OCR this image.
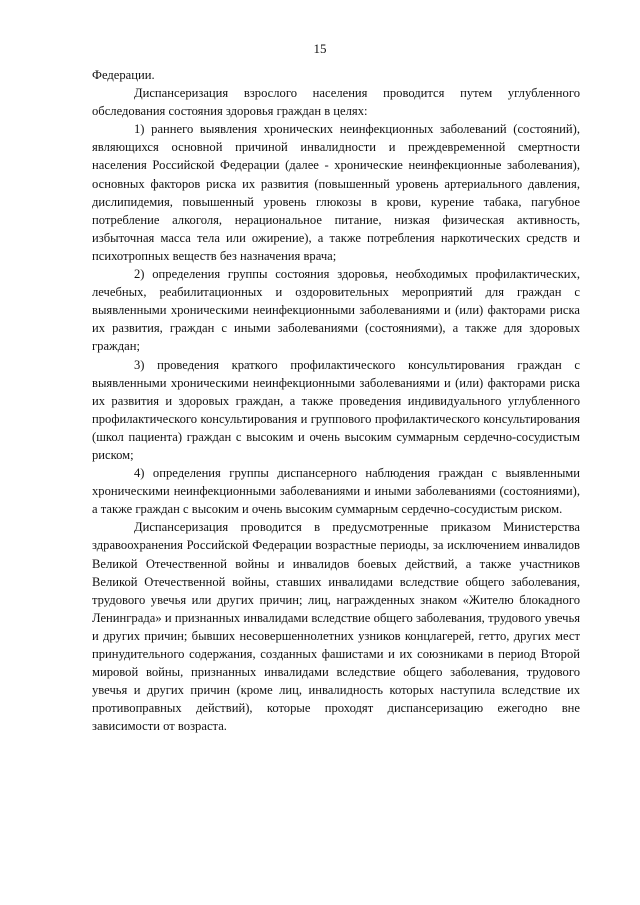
15

Федерации.

Диспансеризация взрослого населения проводится путем углубленного обследования состояния здоровья граждан в целях:

1) раннего выявления хронических неинфекционных заболеваний (состояний), являющихся основной причиной инвалидности и преждевременной смертности населения Российской Федерации (далее - хронические неинфекционные заболевания), основных факторов риска их развития (повышенный уровень артериального давления, дислипидемия, повышенный уровень глюкозы в крови, курение табака, пагубное потребление алкоголя, нерациональное питание, низкая физическая активность, избыточная масса тела или ожирение), а также потребления наркотических средств и психотропных веществ без назначения врача;

2) определения группы состояния здоровья, необходимых профилактических, лечебных, реабилитационных и оздоровительных мероприятий для граждан с выявленными хроническими неинфекционными заболеваниями и (или) факторами риска их развития, граждан с иными заболеваниями (состояниями), а также для здоровых граждан;

3) проведения краткого профилактического консультирования граждан с выявленными хроническими неинфекционными заболеваниями и (или) факторами риска их развития и здоровых граждан, а также проведения индивидуального углубленного профилактического консультирования и группового профилактического консультирования (школ пациента) граждан с высоким и очень высоким суммарным сердечно-сосудистым риском;

4) определения группы диспансерного наблюдения граждан с выявленными хроническими неинфекционными заболеваниями и иными заболеваниями (состояниями), а также граждан с высоким и очень высоким суммарным сердечно-сосудистым риском.

Диспансеризация проводится в предусмотренные приказом Министерства здравоохранения Российской Федерации возрастные периоды, за исключением инвалидов Великой Отечественной войны и инвалидов боевых действий, а также участников Великой Отечественной войны, ставших инвалидами вследствие общего заболевания, трудового увечья или других причин; лиц, награжденных знаком «Жителю блокадного Ленинграда» и признанных инвалидами вследствие общего заболевания, трудового увечья и других причин; бывших несовершеннолетних узников концлагерей, гетто, других мест принудительного содержания, созданных фашистами и их союзниками в период Второй мировой войны, признанных инвалидами вследствие общего заболевания, трудового увечья и других причин (кроме лиц, инвалидность которых наступила вследствие их противоправных действий), которые проходят диспансеризацию ежегодно вне зависимости от возраста.
